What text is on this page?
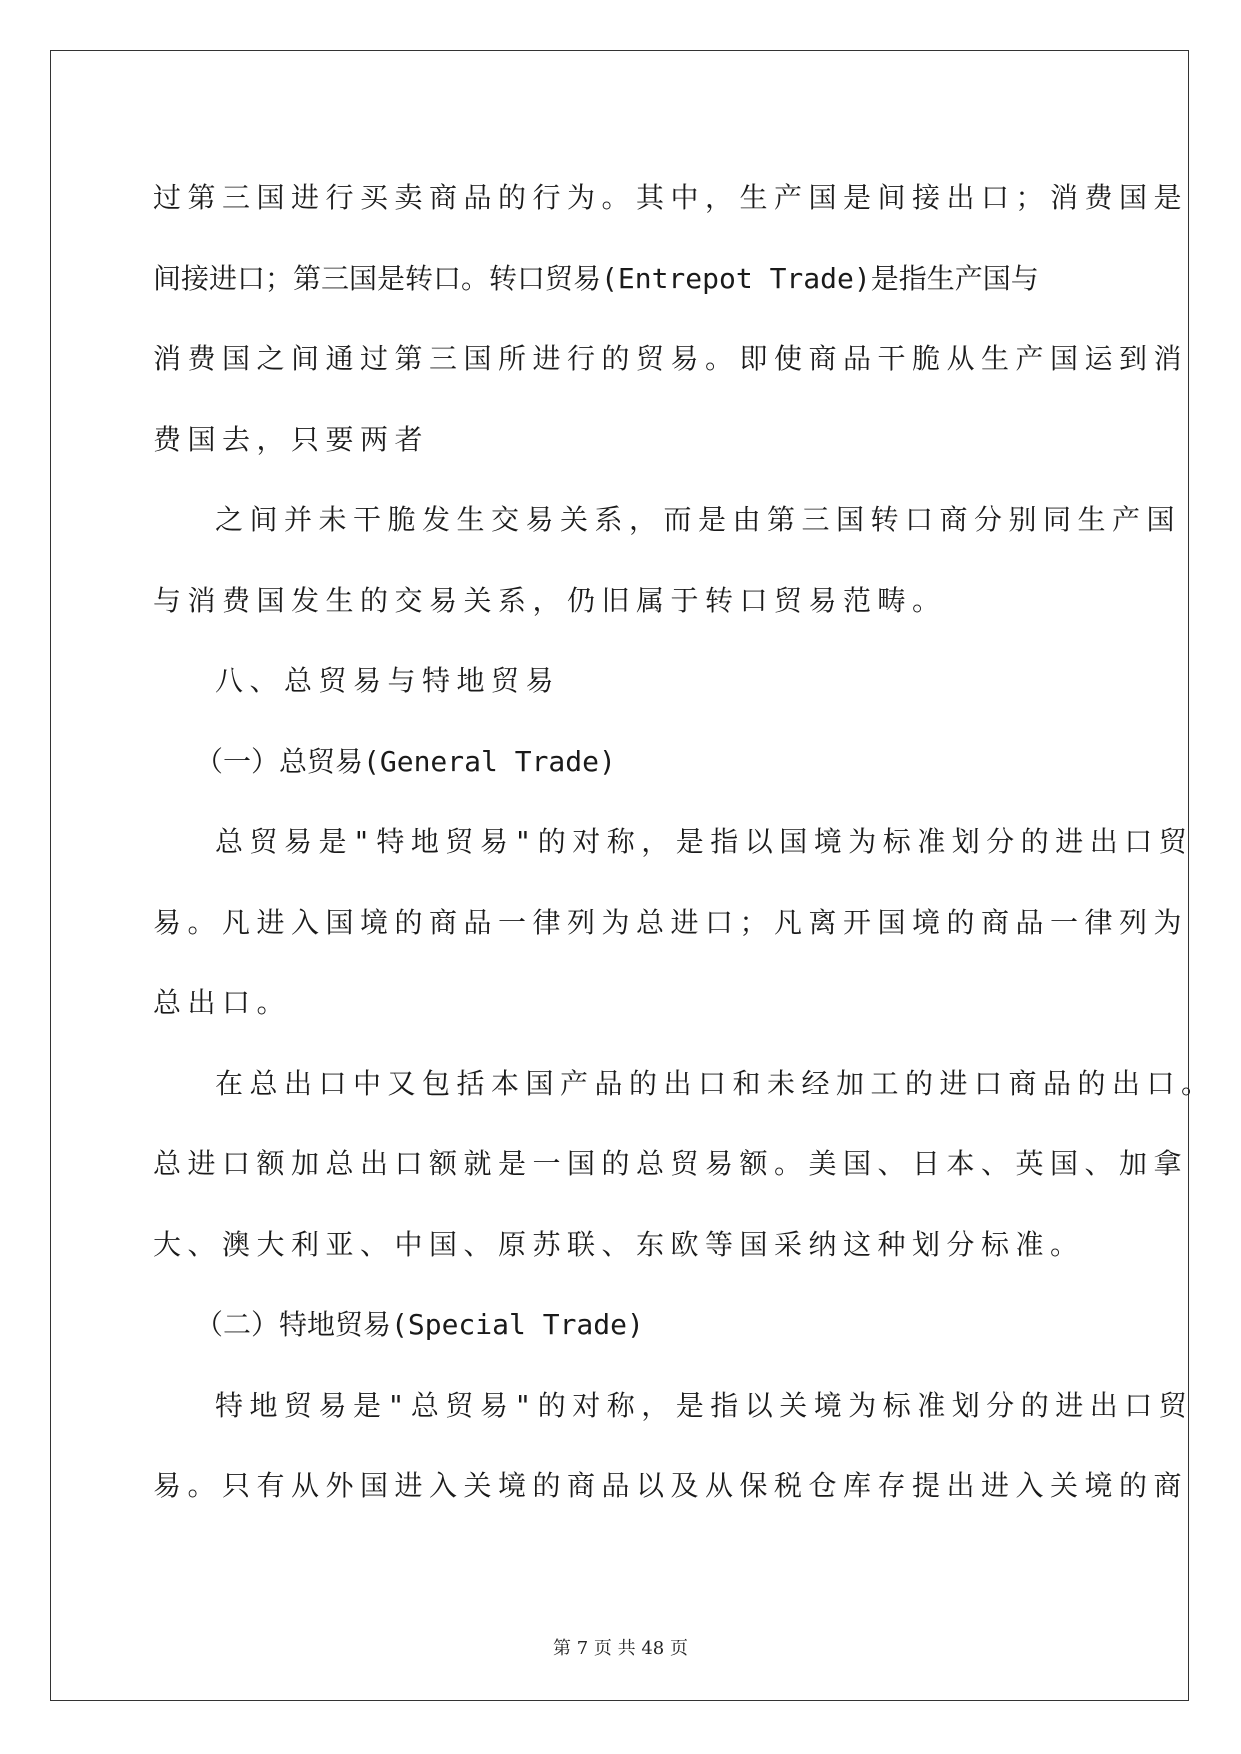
过第三国进行买卖商品的行为。其中，生产国是间接出口；消费国是
间接进口；第三国是转口。转口贸易(Entrepot Trade)是指生产国与
消费国之间通过第三国所进行的贸易。即使商品干脆从生产国运到消
费国去，只要两者
之间并未干脆发生交易关系，而是由第三国转口商分别同生产国
与消费国发生的交易关系，仍旧属于转口贸易范畴。
八、总贸易与特地贸易
（一）总贸易(General Trade)
总贸易是"特地贸易"的对称，是指以国境为标准划分的进出口贸
易。凡进入国境的商品一律列为总进口；凡离开国境的商品一律列为
总出口。
在总出口中又包括本国产品的出口和未经加工的进口商品的出口。
总进口额加总出口额就是一国的总贸易额。美国、日本、英国、加拿
大、澳大利亚、中国、原苏联、东欧等国采纳这种划分标准。
（二）特地贸易(Special Trade)
特地贸易是"总贸易"的对称，是指以关境为标准划分的进出口贸
易。只有从外国进入关境的商品以及从保税仓库存提出进入关境的商
第 7 页 共 48 页
